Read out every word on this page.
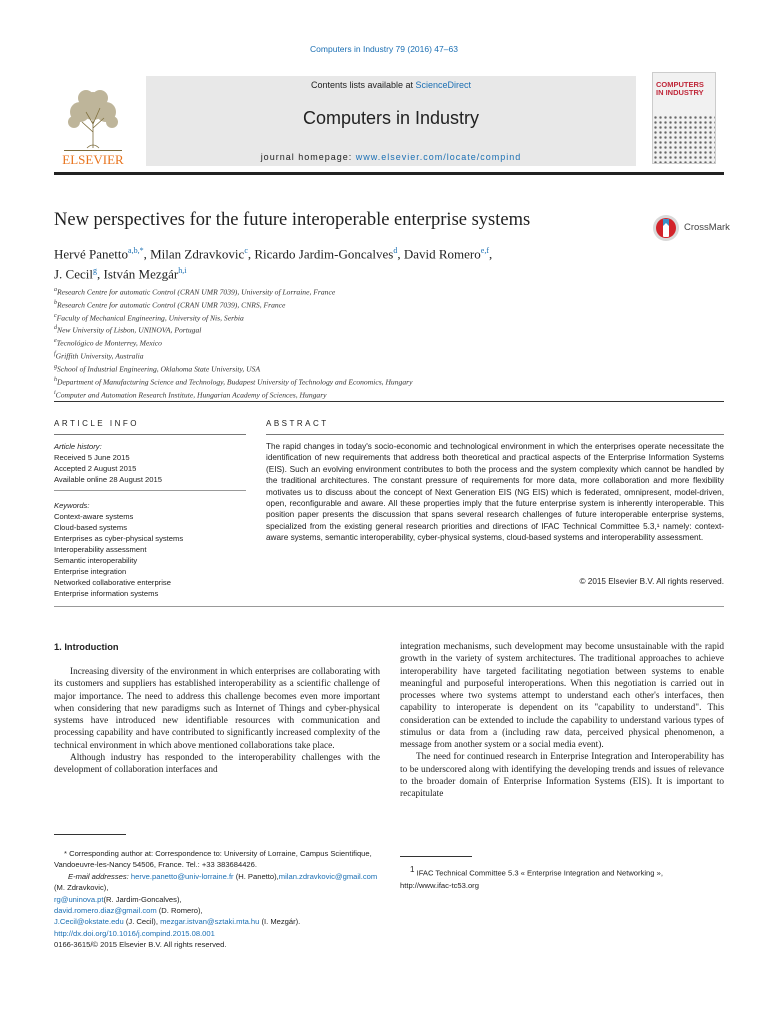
Computers in Industry 79 (2016) 47–63
ELSEVIER
Contents lists available at ScienceDirect
Computers in Industry
journal homepage: www.elsevier.com/locate/compind
COMPUTERS IN INDUSTRY
New perspectives for the future interoperable enterprise systems	CrossMark
Hervé Panetto$^{a,b,*}$, Milan Zdravkovic$^c$, Ricardo Jardim-Goncalves$^d$, David Romero$^{e,f}$,
J. Cecil$^g$, István Mezgár$^{h,i}$
$^a$Research Centre for automatic Control (CRAN UMR 7039), University of Lorraine, France
$^b$Research Centre for automatic Control (CRAN UMR 7039), CNRS, France
$^c$Faculty of Mechanical Engineering, University of Nis, Serbia
$^d$New University of Lisbon, UNINOVA, Portugal
$^e$Tecnológico de Monterrey, Mexico
$^f$Griffith University, Australia
$^g$School of Industrial Engineering, Oklahoma State University, USA
$^h$Department of Manufacturing Science and Technology, Budapest University of Technology and Economics, Hungary
$^i$Computer and Automation Research Institute, Hungarian Academy of Sciences, Hungary
ARTICLE INFO	ABSTRACT
Article history:
Received 5 June 2015
Accepted 2 August 2015
Available online 28 August 2015
Keywords:
Context-aware systems
Cloud-based systems
Enterprises as cyber-physical systems
Interoperability assessment
Semantic interoperability
Enterprise integration
Networked collaborative enterprise
Enterprise information systems
The rapid changes in today's socio-economic and technological environment in which the enterprises operate necessitate the identification of new requirements that address both theoretical and practical aspects of the Enterprise Information Systems (EIS). Such an evolving environment contributes to both the process and the system complexity which cannot be handled by the traditional architectures. The constant pressure of requirements for more data, more collaboration and more flexibility motivates us to discuss about the concept of Next Generation EIS (NG EIS) which is federated, omnipresent, model-driven, open, reconfigurable and aware. All these properties imply that the future enterprise system is inherently interoperable. This position paper presents the discussion that spans several research challenges of future interoperable enterprise systems, specialized from the existing general research priorities and directions of IFAC Technical Committee 5.3,¹ namely: context-aware systems, semantic interoperability, cyber-physical systems, cloud-based systems and interoperability assessment.
© 2015 Elsevier B.V. All rights reserved.
1. Introduction

Increasing diversity of the environment in which enterprises are collaborating with its customers and suppliers has established interoperability as a scientific challenge of major importance. The need to address this challenge becomes even more important when considering that new paradigms such as Internet of Things and cyber-physical systems have introduced new identifiable resources with communication and processing capability and have contributed to significantly increased complexity of the technical environment in which above mentioned collaborations take place.

Although industry has responded to the interoperability challenges with the development of collaboration interfaces and

integration mechanisms, such development may become unsustainable with the rapid growth in the variety of system architectures. The traditional approaches to achieve interoperability have targeted facilitating negotiation between systems to enable meaningful and purposeful interoperations. When this negotiation is carried out in processes where two systems attempt to understand each other's interfaces, then capability to interoperate is dependent on its "capability to understand". This consideration can be extended to include the capability to understand various types of stimulus or data from a (including raw data, perceived physical phenomenon, a message from another system or a social media event).

The need for continued research in Enterprise Integration and Interoperability has to be underscored along with identifying the developing trends and issues of relevance to the broader domain of Enterprise Information Systems (EIS). It is important to recapitulate

* Corresponding author at: Correspondence to: University of Lorraine, Campus Scientifique, Vandoeuvre-les-Nancy 54506, France. Tel.: +33 383684426.
E-mail addresses: herve.panetto@univ-lorraine.fr (H. Panetto),milan.zdravkovic@gmail.com (M. Zdravkovic),
rg@uninova.pt(R. Jardim-Goncalves),
david.romero.diaz@gmail.com (D. Romero),
J.Cecil@okstate.edu (J. Cecil), mezgar.istvan@sztaki.mta.hu (I. Mezgár).
$^1$ IFAC Technical Committee 5.3 « Enterprise Integration and Networking »,
http://www.ifac-tc53.org
http://dx.doi.org/10.1016/j.compind.2015.08.001
0166-3615/© 2015 Elsevier B.V. All rights reserved.
